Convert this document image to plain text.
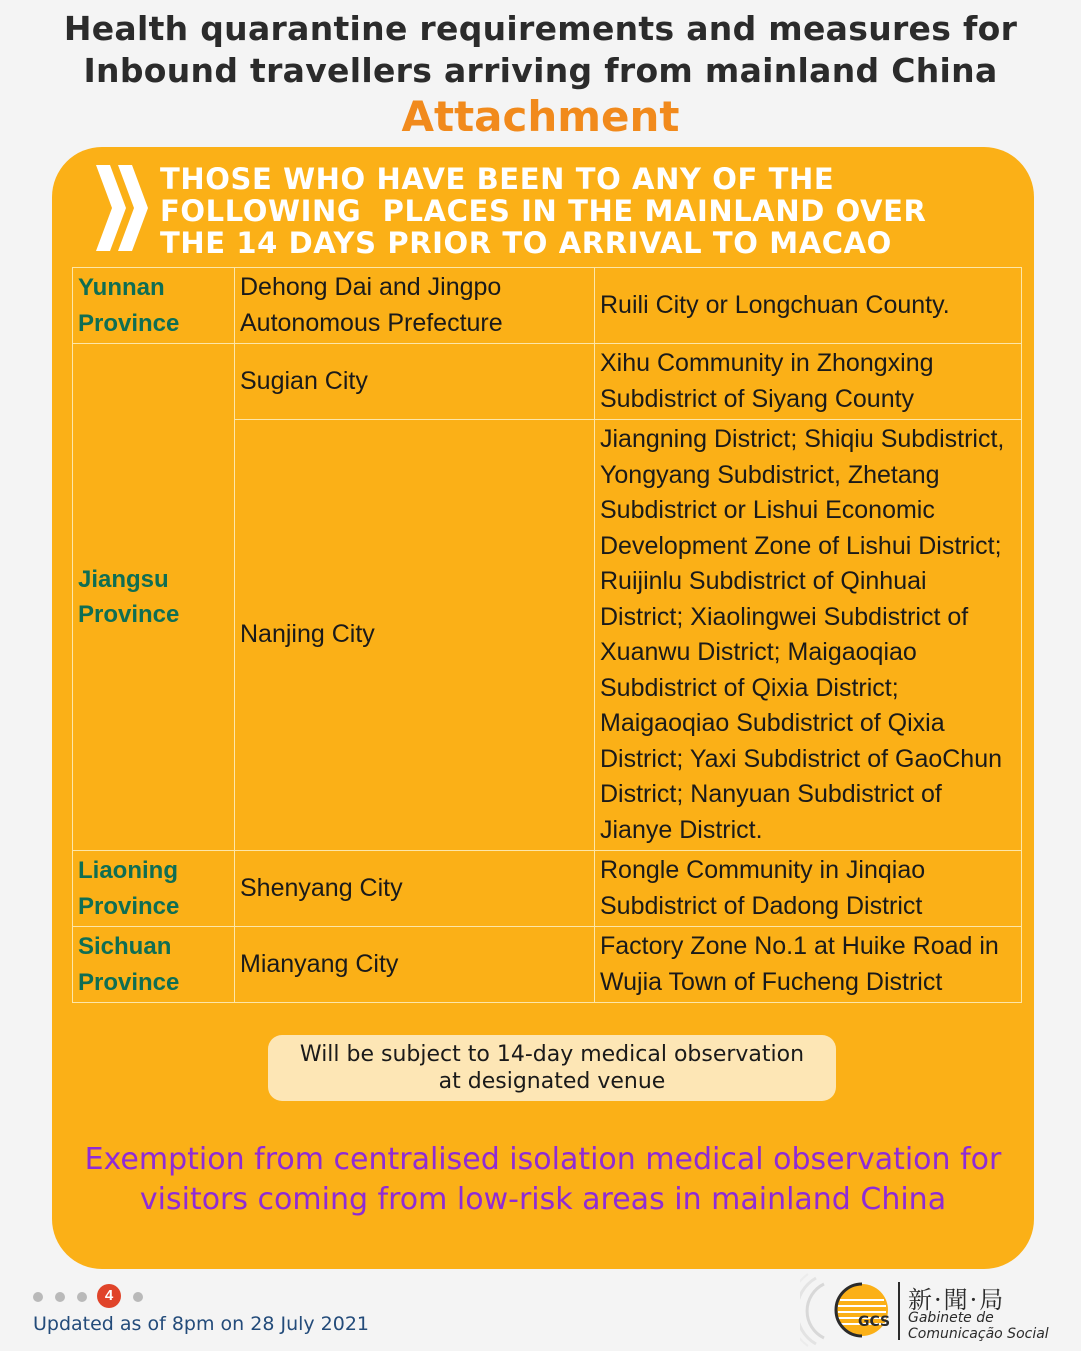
Health quarantine requirements and measures for
Inbound travellers arriving from mainland China
Attachment
THOSE WHO HAVE BEEN TO ANY OF THE
FOLLOWING  PLACES IN THE MAINLAND OVER
THE 14 DAYS PRIOR TO ARRIVAL TO MACAO
Yunnan Province	Dehong Dai and Jingpo Autonomous Prefecture	Ruili City or Longchuan County.
Jiangsu Province	Sugian City	Xihu Community in Zhongxing Subdistrict of Siyang County
	Nanjing City	Jiangning District; Shiqiu Subdistrict, Yongyang Subdistrict, Zhetang Subdistrict or Lishui Economic Development Zone of Lishui District; Ruijinlu Subdistrict of Qinhuai District; Xiaolingwei Subdistrict of Xuanwu District; Maigaoqiao Subdistrict of Qixia District; Maigaoqiao Subdistrict of Qixia District; Yaxi Subdistrict of GaoChun District; Nanyuan Subdistrict of Jianye District.
Liaoning Province	Shenyang City	Rongle Community in Jinqiao Subdistrict of Dadong District
Sichuan Province	Mianyang City	Factory Zone No.1 at Huike Road in Wujia Town of Fucheng District
Will be subject to 14-day medical observation
at designated venue
Exemption from centralised isolation medical observation for
visitors coming from low-risk areas in mainland China
4
Updated as of 8pm on 28 July 2021	GCS
新·聞·局
Gabinete de
Comunicação Social
